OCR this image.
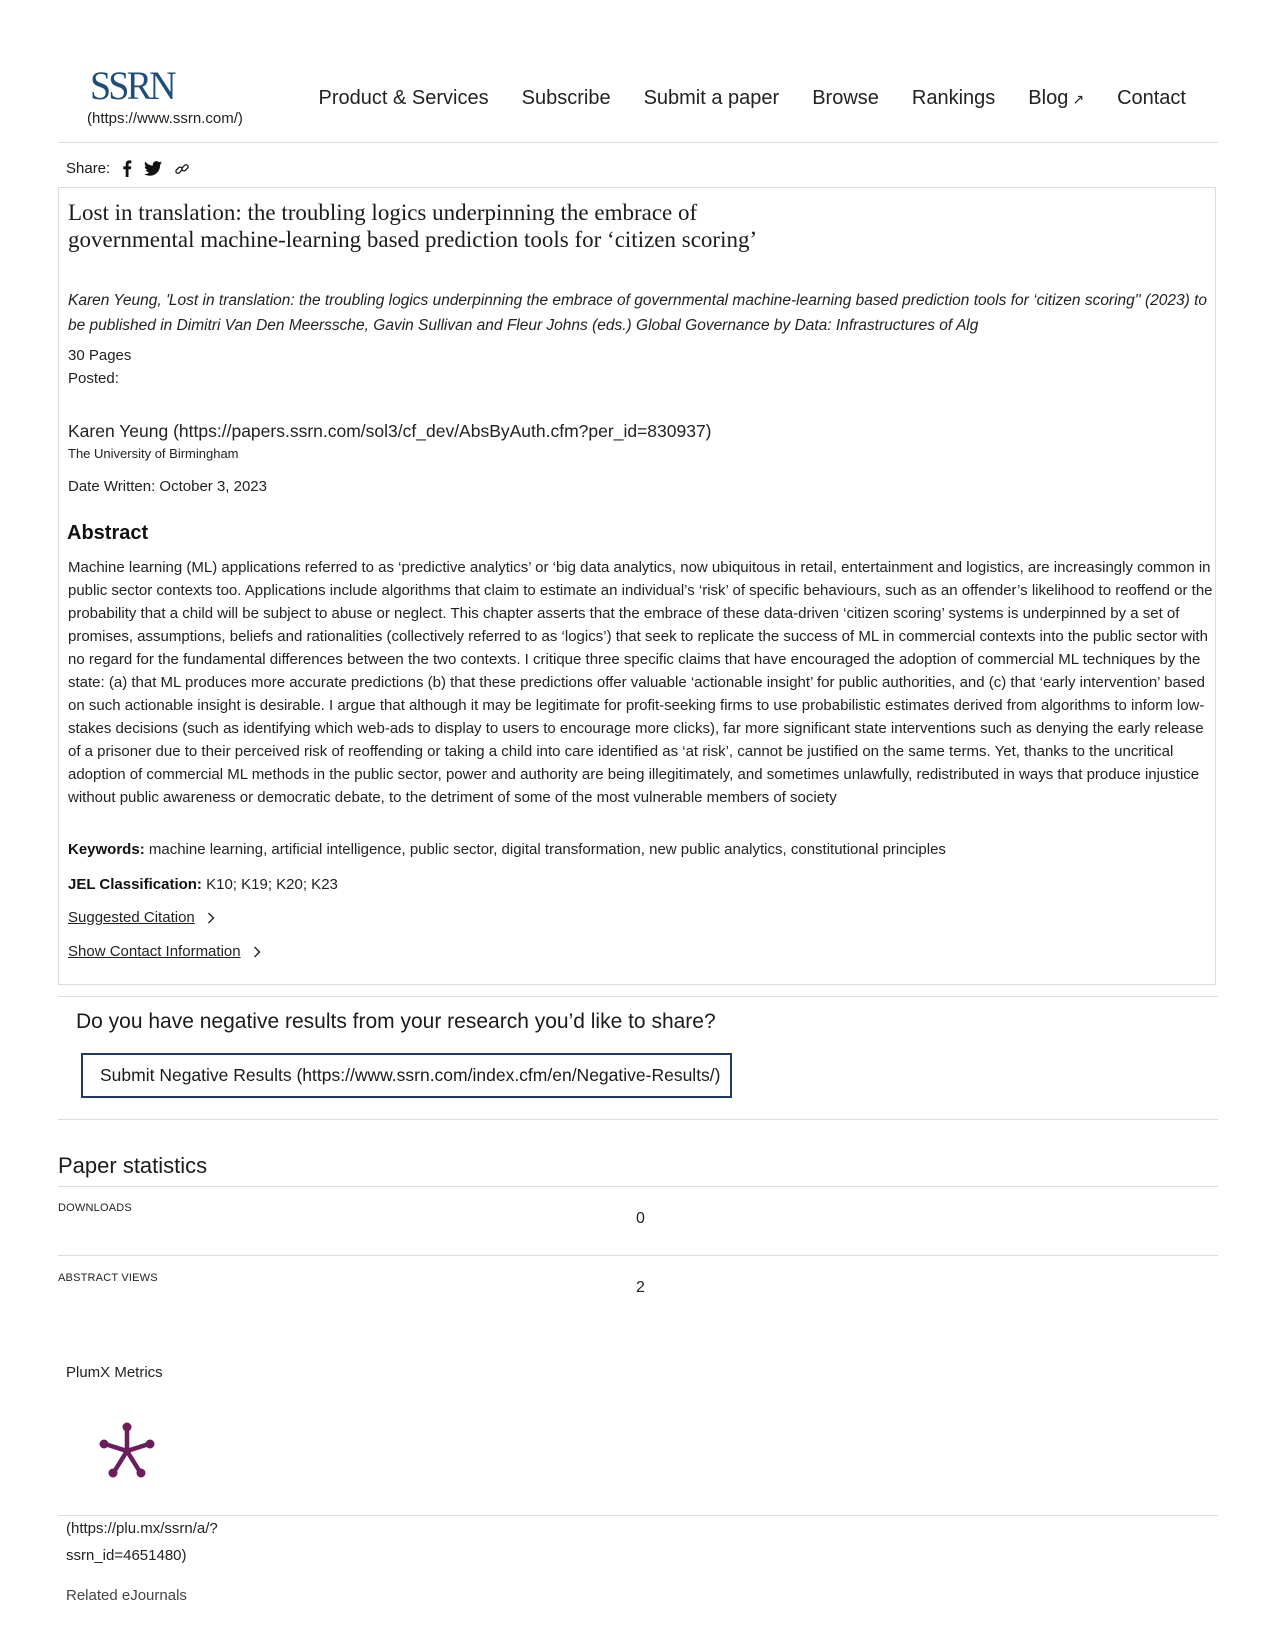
SSRN
(https://www.ssrn.com/)
Product & Services Subscribe Submit a paper Browse Rankings Blog ↗ Contact
Share:
Lost in translation: the troubling logics underpinning the embrace of governmental machine-learning based prediction tools for ‘citizen scoring’
Karen Yeung, 'Lost in translation: the troubling logics underpinning the embrace of governmental machine-learning based prediction tools for ‘citizen scoring'' (2023) to be published in Dimitri Van Den Meerssche, Gavin Sullivan and Fleur Johns (eds.) Global Governance by Data: Infrastructures of Alg
30 Pages
Posted:
Karen Yeung (https://papers.ssrn.com/sol3/cf_dev/AbsByAuth.cfm?per_id=830937)
The University of Birmingham
Date Written: October 3, 2023
Abstract
Machine learning (ML) applications referred to as ‘predictive analytics’ or ‘big data analytics, now ubiquitous in retail, entertainment and logistics, are increasingly common in public sector contexts too. Applications include algorithms that claim to estimate an individual’s ‘risk’ of specific behaviours, such as an offender’s likelihood to reoffend or the probability that a child will be subject to abuse or neglect. This chapter asserts that the embrace of these data-driven ‘citizen scoring’ systems is underpinned by a set of promises, assumptions, beliefs and rationalities (collectively referred to as ‘logics’) that seek to replicate the success of ML in commercial contexts into the public sector with no regard for the fundamental differences between the two contexts. I critique three specific claims that have encouraged the adoption of commercial ML techniques by the state: (a) that ML produces more accurate predictions (b) that these predictions offer valuable ‘actionable insight’ for public authorities, and (c) that ‘early intervention’ based on such actionable insight is desirable. I argue that although it may be legitimate for profit-seeking firms to use probabilistic estimates derived from algorithms to inform low-stakes decisions (such as identifying which web-ads to display to users to encourage more clicks), far more significant state interventions such as denying the early release of a prisoner due to their perceived risk of reoffending or taking a child into care identified as ‘at risk’, cannot be justified on the same terms. Yet, thanks to the uncritical adoption of commercial ML methods in the public sector, power and authority are being illegitimately, and sometimes unlawfully, redistributed in ways that produce injustice without public awareness or democratic debate, to the detriment of some of the most vulnerable members of society
Keywords: machine learning, artificial intelligence, public sector, digital transformation, new public analytics, constitutional principles
JEL Classification: K10; K19; K20; K23
Suggested Citation
Show Contact Information
Do you have negative results from your research you’d like to share?
Submit Negative Results (https://www.ssrn.com/index.cfm/en/Negative-Results/)
Paper statistics
DOWNLOADS
0
ABSTRACT VIEWS
2
PlumX Metrics
(https://plu.mx/ssrn/a/?ssrn_id=4651480)
Related eJournals
